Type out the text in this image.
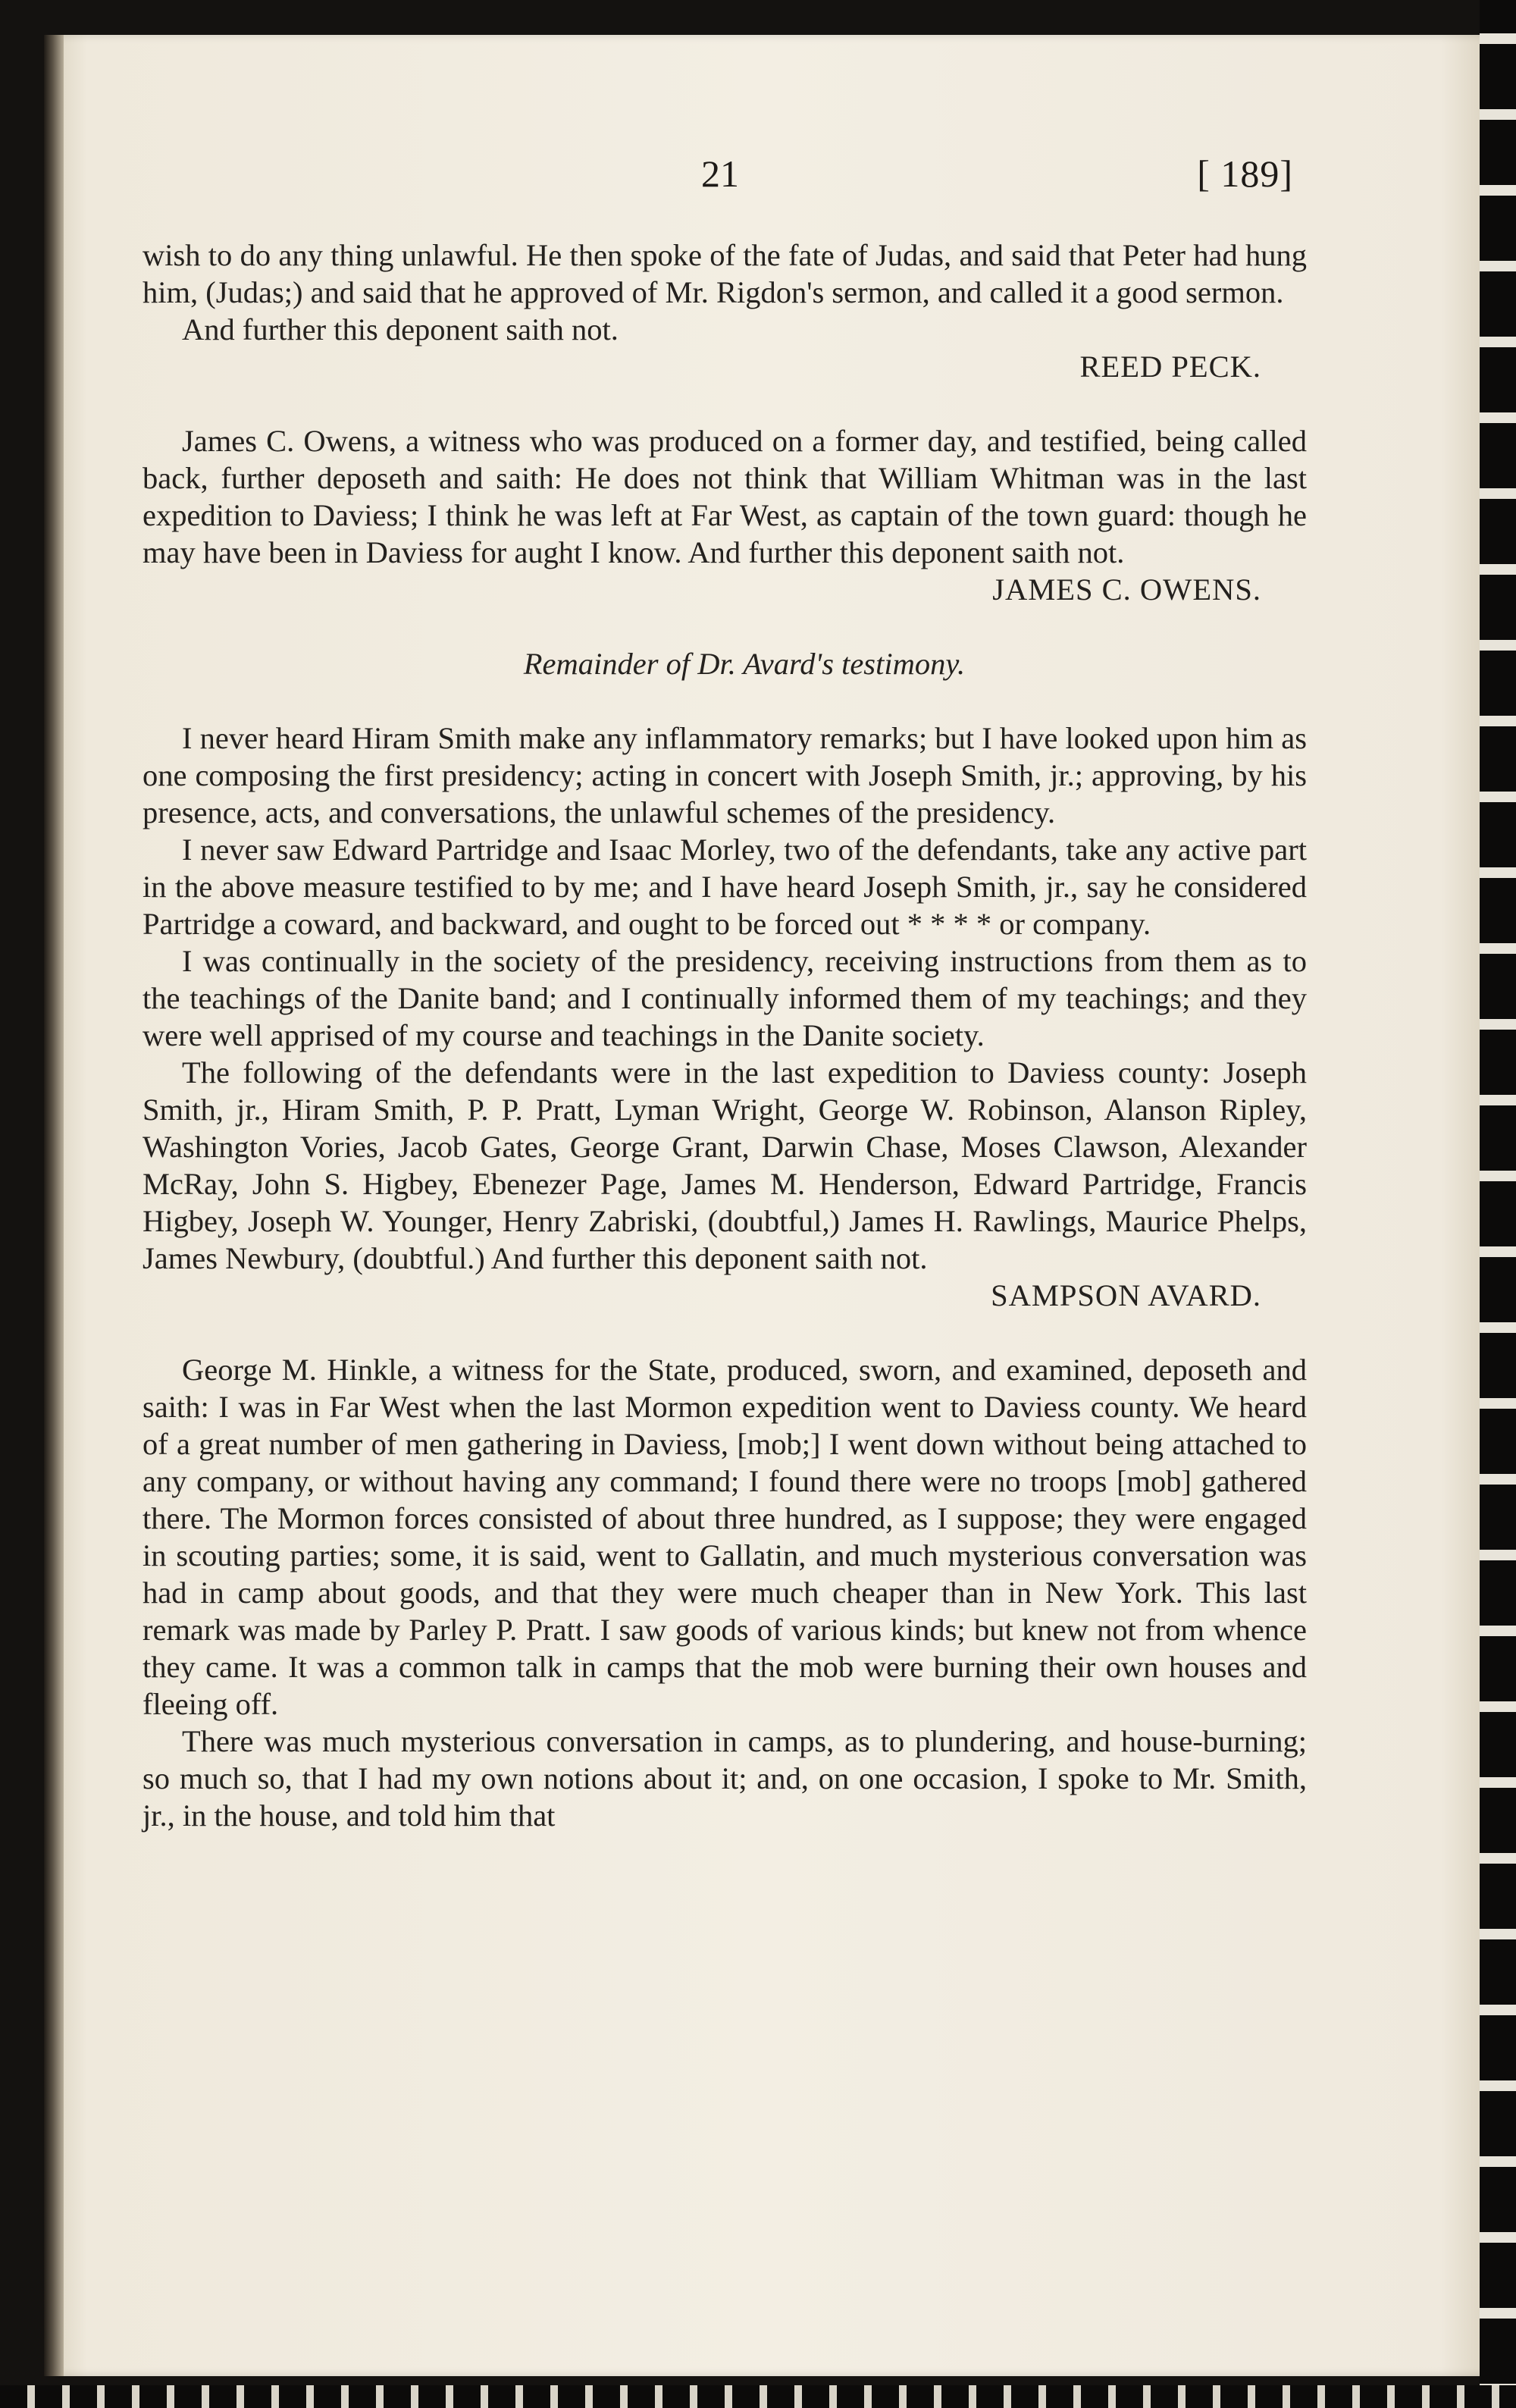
21	[ 189]

wish to do any thing unlawful. He then spoke of the fate of Judas, and said that Peter had hung him, (Judas;) and said that he approved of Mr. Rigdon's sermon, and called it a good sermon.

And further this deponent saith not.

REED PECK.

James C. Owens, a witness who was produced on a former day, and testified, being called back, further deposeth and saith: He does not think that William Whitman was in the last expedition to Daviess; I think he was left at Far West, as captain of the town guard: though he may have been in Daviess for aught I know. And further this deponent saith not.

JAMES C. OWENS.

Remainder of Dr. Avard's testimony.

I never heard Hiram Smith make any inflammatory remarks; but I have looked upon him as one composing the first presidency; acting in concert with Joseph Smith, jr.; approving, by his presence, acts, and conversations, the unlawful schemes of the presidency.

I never saw Edward Partridge and Isaac Morley, two of the defendants, take any active part in the above measure testified to by me; and I have heard Joseph Smith, jr., say he considered Partridge a coward, and backward, and ought to be forced out * * * * or company.

I was continually in the society of the presidency, receiving instructions from them as to the teachings of the Danite band; and I continually informed them of my teachings; and they were well apprised of my course and teachings in the Danite society.

The following of the defendants were in the last expedition to Daviess county: Joseph Smith, jr., Hiram Smith, P. P. Pratt, Lyman Wright, George W. Robinson, Alanson Ripley, Washington Vories, Jacob Gates, George Grant, Darwin Chase, Moses Clawson, Alexander McRay, John S. Higbey, Ebenezer Page, James M. Henderson, Edward Partridge, Francis Higbey, Joseph W. Younger, Henry Zabriski, (doubtful,) James H. Rawlings, Maurice Phelps, James Newbury, (doubtful.) And further this deponent saith not.

SAMPSON AVARD.

George M. Hinkle, a witness for the State, produced, sworn, and examined, deposeth and saith: I was in Far West when the last Mormon expedition went to Daviess county. We heard of a great number of men gathering in Daviess, [mob;] I went down without being attached to any company, or without having any command; I found there were no troops [mob] gathered there. The Mormon forces consisted of about three hundred, as I suppose; they were engaged in scouting parties; some, it is said, went to Gallatin, and much mysterious conversation was had in camp about goods, and that they were much cheaper than in New York. This last remark was made by Parley P. Pratt. I saw goods of various kinds; but knew not from whence they came. It was a common talk in camps that the mob were burning their own houses and fleeing off.

There was much mysterious conversation in camps, as to plundering, and house-burning; so much so, that I had my own notions about it; and, on one occasion, I spoke to Mr. Smith, jr., in the house, and told him that
